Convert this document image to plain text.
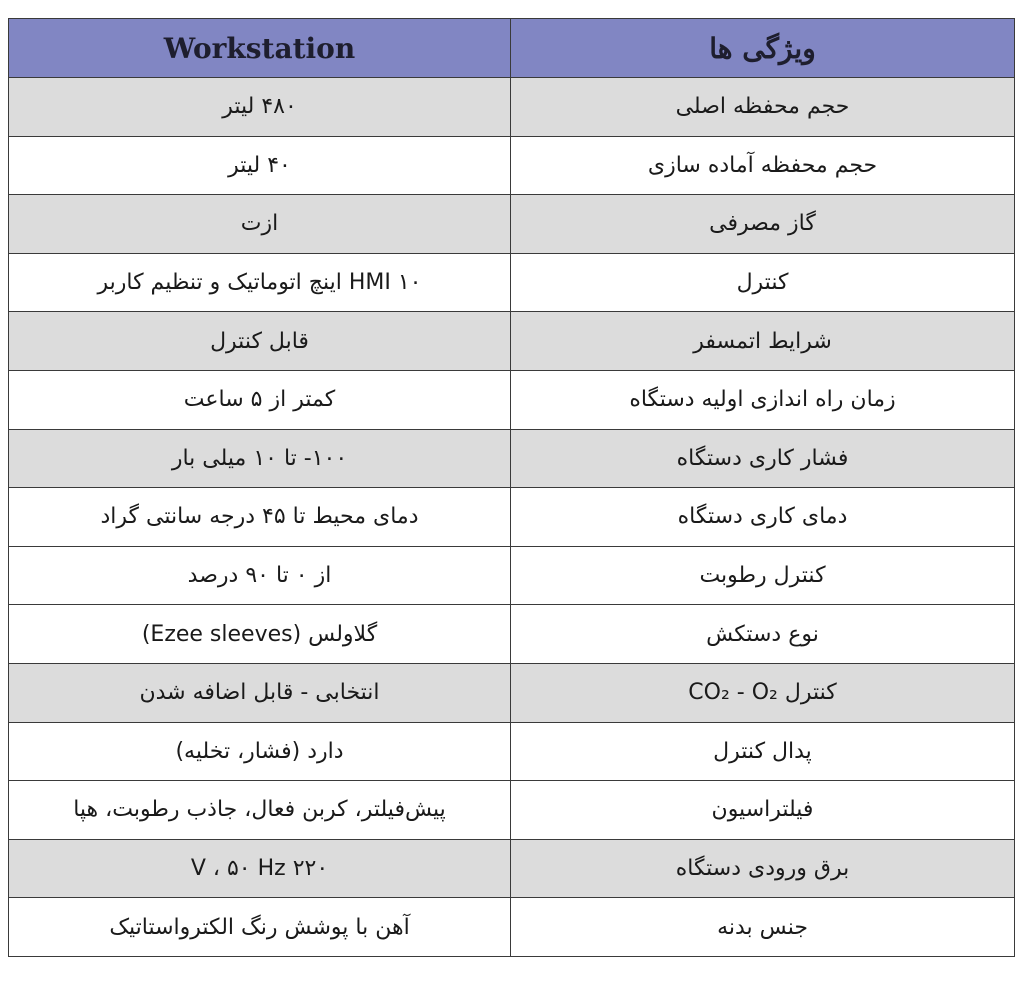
ویژگی ها	Workstation
حجم محفظه اصلی	۴۸۰ لیتر
حجم محفظه آماده سازی	۴۰ لیتر
گاز مصرفی	ازت
کنترل	HMI ۱۰ اینچ اتوماتیک و تنظیم کاربر
شرایط اتمسفر	قابل کنترل
زمان راه اندازی اولیه دستگاه	کمتر از ۵ ساعت
فشار کاری دستگاه	۱۰۰- تا ۱۰ میلی بار
دمای کاری دستگاه	دمای محیط تا ۴۵ درجه سانتی گراد
کنترل رطوبت	از ۰ تا ۹۰ درصد
نوع دستکش	گلاولس (Ezee sleeves)
کنترل CO₂ - O₂	انتخابی - قابل اضافه شدن
پدال کنترل	دارد (فشار، تخلیه)
فیلتراسیون	پیش‌فیلتر، کربن فعال، جاذب رطوبت، هپا
برق ورودی دستگاه	۲۲۰ V ، ۵۰ Hz
جنس بدنه	آهن با پوشش رنگ الکترواستاتیک
